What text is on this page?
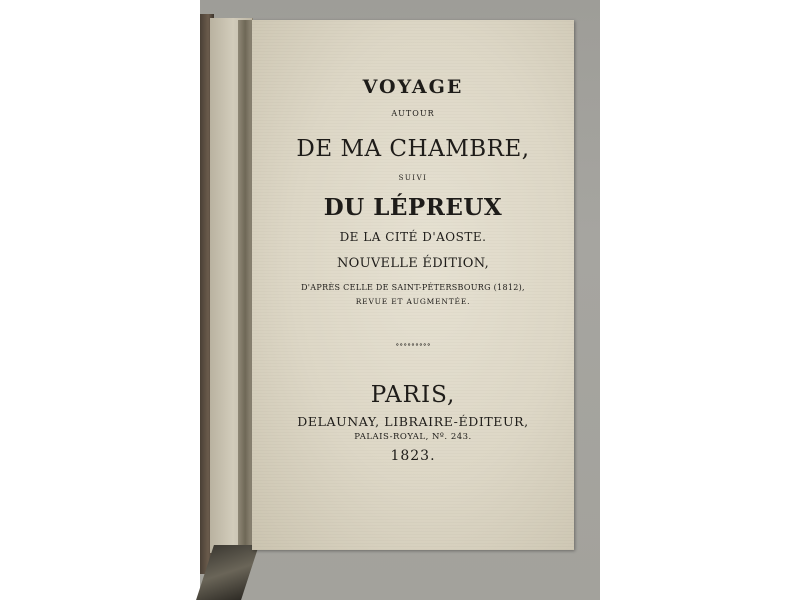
VOYAGE
AUTOUR
DE MA CHAMBRE,
SUIVI
DU LÉPREUX
DE LA CITÉ D'AOSTE.
NOUVELLE ÉDITION,
D'APRÈS CELLE DE SAINT-PÉTERSBOURG (1812),
REVUE ET AUGMENTÉE.
∘∘∘∘∘∘∘∘∘
PARIS,
DELAUNAY, LIBRAIRE-ÉDITEUR,
PALAIS-ROYAL, Nº. 243.
1823.
